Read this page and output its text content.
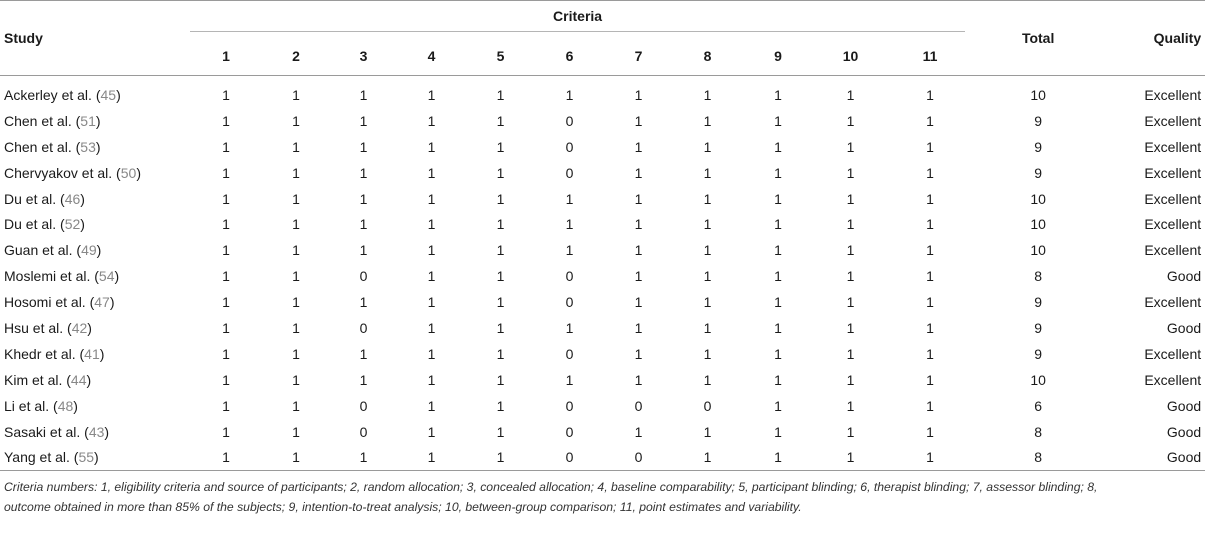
Study	Criteria											Total	Quality
	1	2	3	4	5	6	7	8	9	10	11		
Ackerley et al. (45)	1	1	1	1	1	1	1	1	1	1	1	10	Excellent
Chen et al. (51)	1	1	1	1	1	0	1	1	1	1	1	9	Excellent
Chen et al. (53)	1	1	1	1	1	0	1	1	1	1	1	9	Excellent
Chervyakov et al. (50)	1	1	1	1	1	0	1	1	1	1	1	9	Excellent
Du et al. (46)	1	1	1	1	1	1	1	1	1	1	1	10	Excellent
Du et al. (52)	1	1	1	1	1	1	1	1	1	1	1	10	Excellent
Guan et al. (49)	1	1	1	1	1	1	1	1	1	1	1	10	Excellent
Moslemi et al. (54)	1	1	0	1	1	0	1	1	1	1	1	8	Good
Hosomi et al. (47)	1	1	1	1	1	0	1	1	1	1	1	9	Excellent
Hsu et al. (42)	1	1	0	1	1	1	1	1	1	1	1	9	Good
Khedr et al. (41)	1	1	1	1	1	0	1	1	1	1	1	9	Excellent
Kim et al. (44)	1	1	1	1	1	1	1	1	1	1	1	10	Excellent
Li et al. (48)	1	1	0	1	1	0	0	0	1	1	1	6	Good
Sasaki et al. (43)	1	1	0	1	1	0	1	1	1	1	1	8	Good
Yang et al. (55)	1	1	1	1	1	0	0	1	1	1	1	8	Good
Criteria numbers: 1, eligibility criteria and source of participants; 2, random allocation; 3, concealed allocation; 4, baseline comparability; 5, participant blinding; 6, therapist blinding; 7, assessor blinding; 8, outcome obtained in more than 85% of the subjects; 9, intention-to-treat analysis; 10, between-group comparison; 11, point estimates and variability.
